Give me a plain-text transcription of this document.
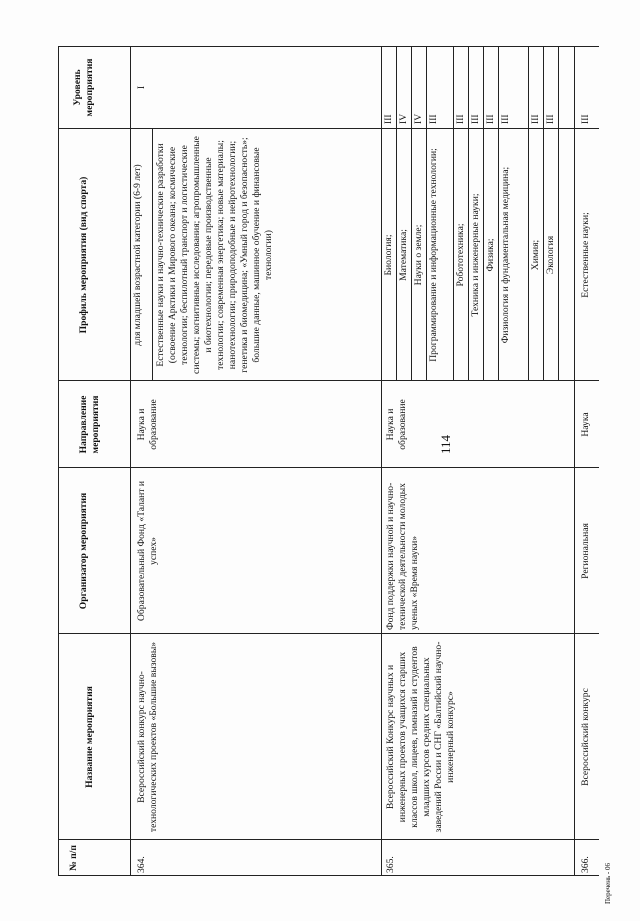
114
Перечень - 06
№ п/п
Название мероприятия
Организатор мероприятия
Направление мероприятия
Профиль мероприятия (вид спорта)
Уровень мероприятия
для младшей возрастной категории (6-9 лет)
364.
Всероссийский конкурс научно-технологических проектов «Большие вызовы»
Образовательный Фонд «Талант и успех»
Наука и образование
Естественные науки и научно-технические разработки (освоение Арктики и Мирового океана; космические технологии; беспилотный транспорт и логистические системы; когнитивные исследования; агропромышленные и биотехнологии; передовые производственные технологии; современная энергетика; новые материалы; нанотехнологии; природоподобные и нейротехнологии; генетика и биомедицина; «Умный город и безопасность»; большие данные, машинное обучение и финансовые технологии)
I
365.
Всероссийский Конкурс научных и инженерных проектов учащихся старших классов школ, лицеев, гимназий и студентов младших курсов средних специальных заведений России и СНГ «Балтийский научно-инженерный конкурс»
Фонд поддержки научной и научно-технической деятельности молодых ученых «Время науки»
Наука и образование
Биология;
III
Математика;
IV
Науки о земле;
IV
Программирование и информационные технологии;
III
Робототехника;
III
Техника и инженерные науки;
III
Физика;
III
Физиология и фундаментальная медицина;
III
Химия;
III
Экология
III
366.
Всероссийский конкурс
Региональная
Наука
Естественные науки;
III
